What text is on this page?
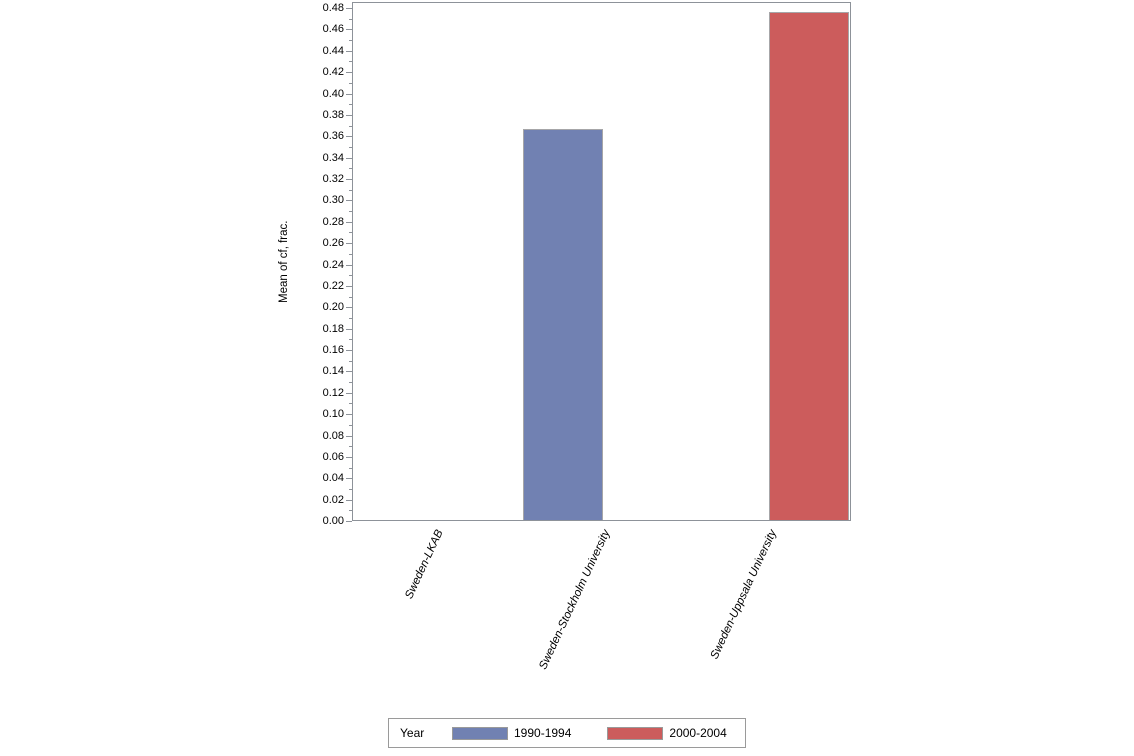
Mean of cf, frac.
0.00
0.02
0.04
0.06
0.08
0.10
0.12
0.14
0.16
0.18
0.20
0.22
0.24
0.26
0.28
0.30
0.32
0.34
0.36
0.38
0.40
0.42
0.44
0.46
0.48
Sweden-LKAB	Sweden-Stockholm University	Sweden-Uppsala University
Year	1990-1994	2000-2004
